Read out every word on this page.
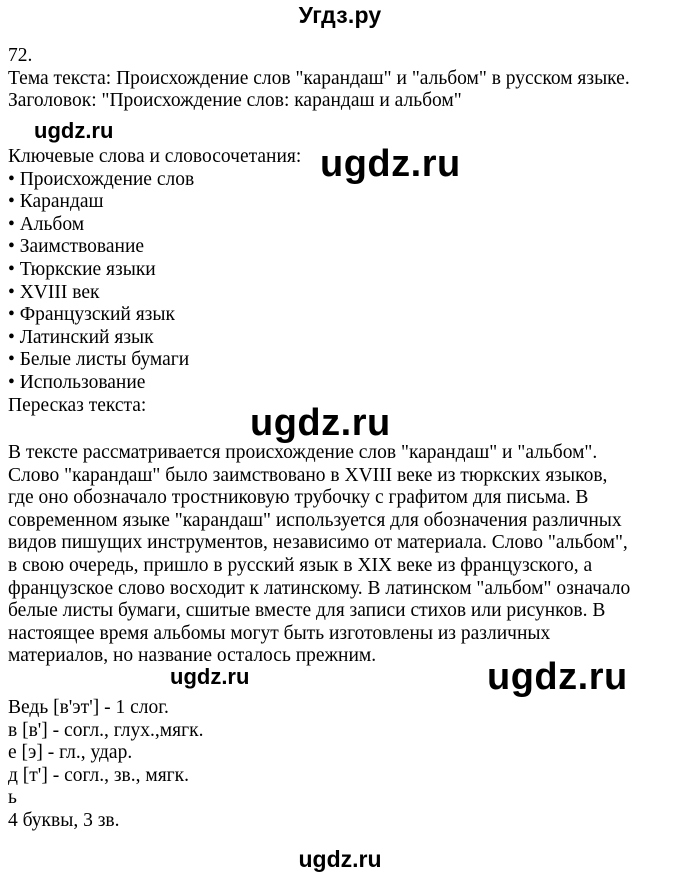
Угдз.ру
72.
Тема текста: Происхождение слов "карандаш" и "альбом" в русском языке.
Заголовок: "Происхождение слов: карандаш и альбом"
Ключевые слова и словосочетания:
• Происхождение слов
• Карандаш
• Альбом
• Заимствование
• Тюркские языки
• XVIII век
• Французский язык
• Латинский язык
• Белые листы бумаги
• Использование
Пересказ текста:
В тексте рассматривается происхождение слов "карандаш" и "альбом".
Слово "карандаш" было заимствовано в XVIII веке из тюркских языков,
где оно обозначало тростниковую трубочку с графитом для письма. В
современном языке "карандаш" используется для обозначения различных
видов пишущих инструментов, независимо от материала. Слово "альбом",
в свою очередь, пришло в русский язык в XIX веке из французского, а
французское слово восходит к латинскому. В латинском "альбом" означало
белые листы бумаги, сшитые вместе для записи стихов или рисунков. В
настоящее время альбомы могут быть изготовлены из различных
материалов, но название осталось прежним.
Ведь [в'эт'] - 1 слог.
в [в'] - согл., глух.,мягк.
е [э] - гл., удар.
д [т'] - согл., зв., мягк.
ь
4 буквы, 3 зв.
ugdz.ru
ugdz.ru
ugdz.ru
ugdz.ru	ugdz.ru
ugdz.ru
